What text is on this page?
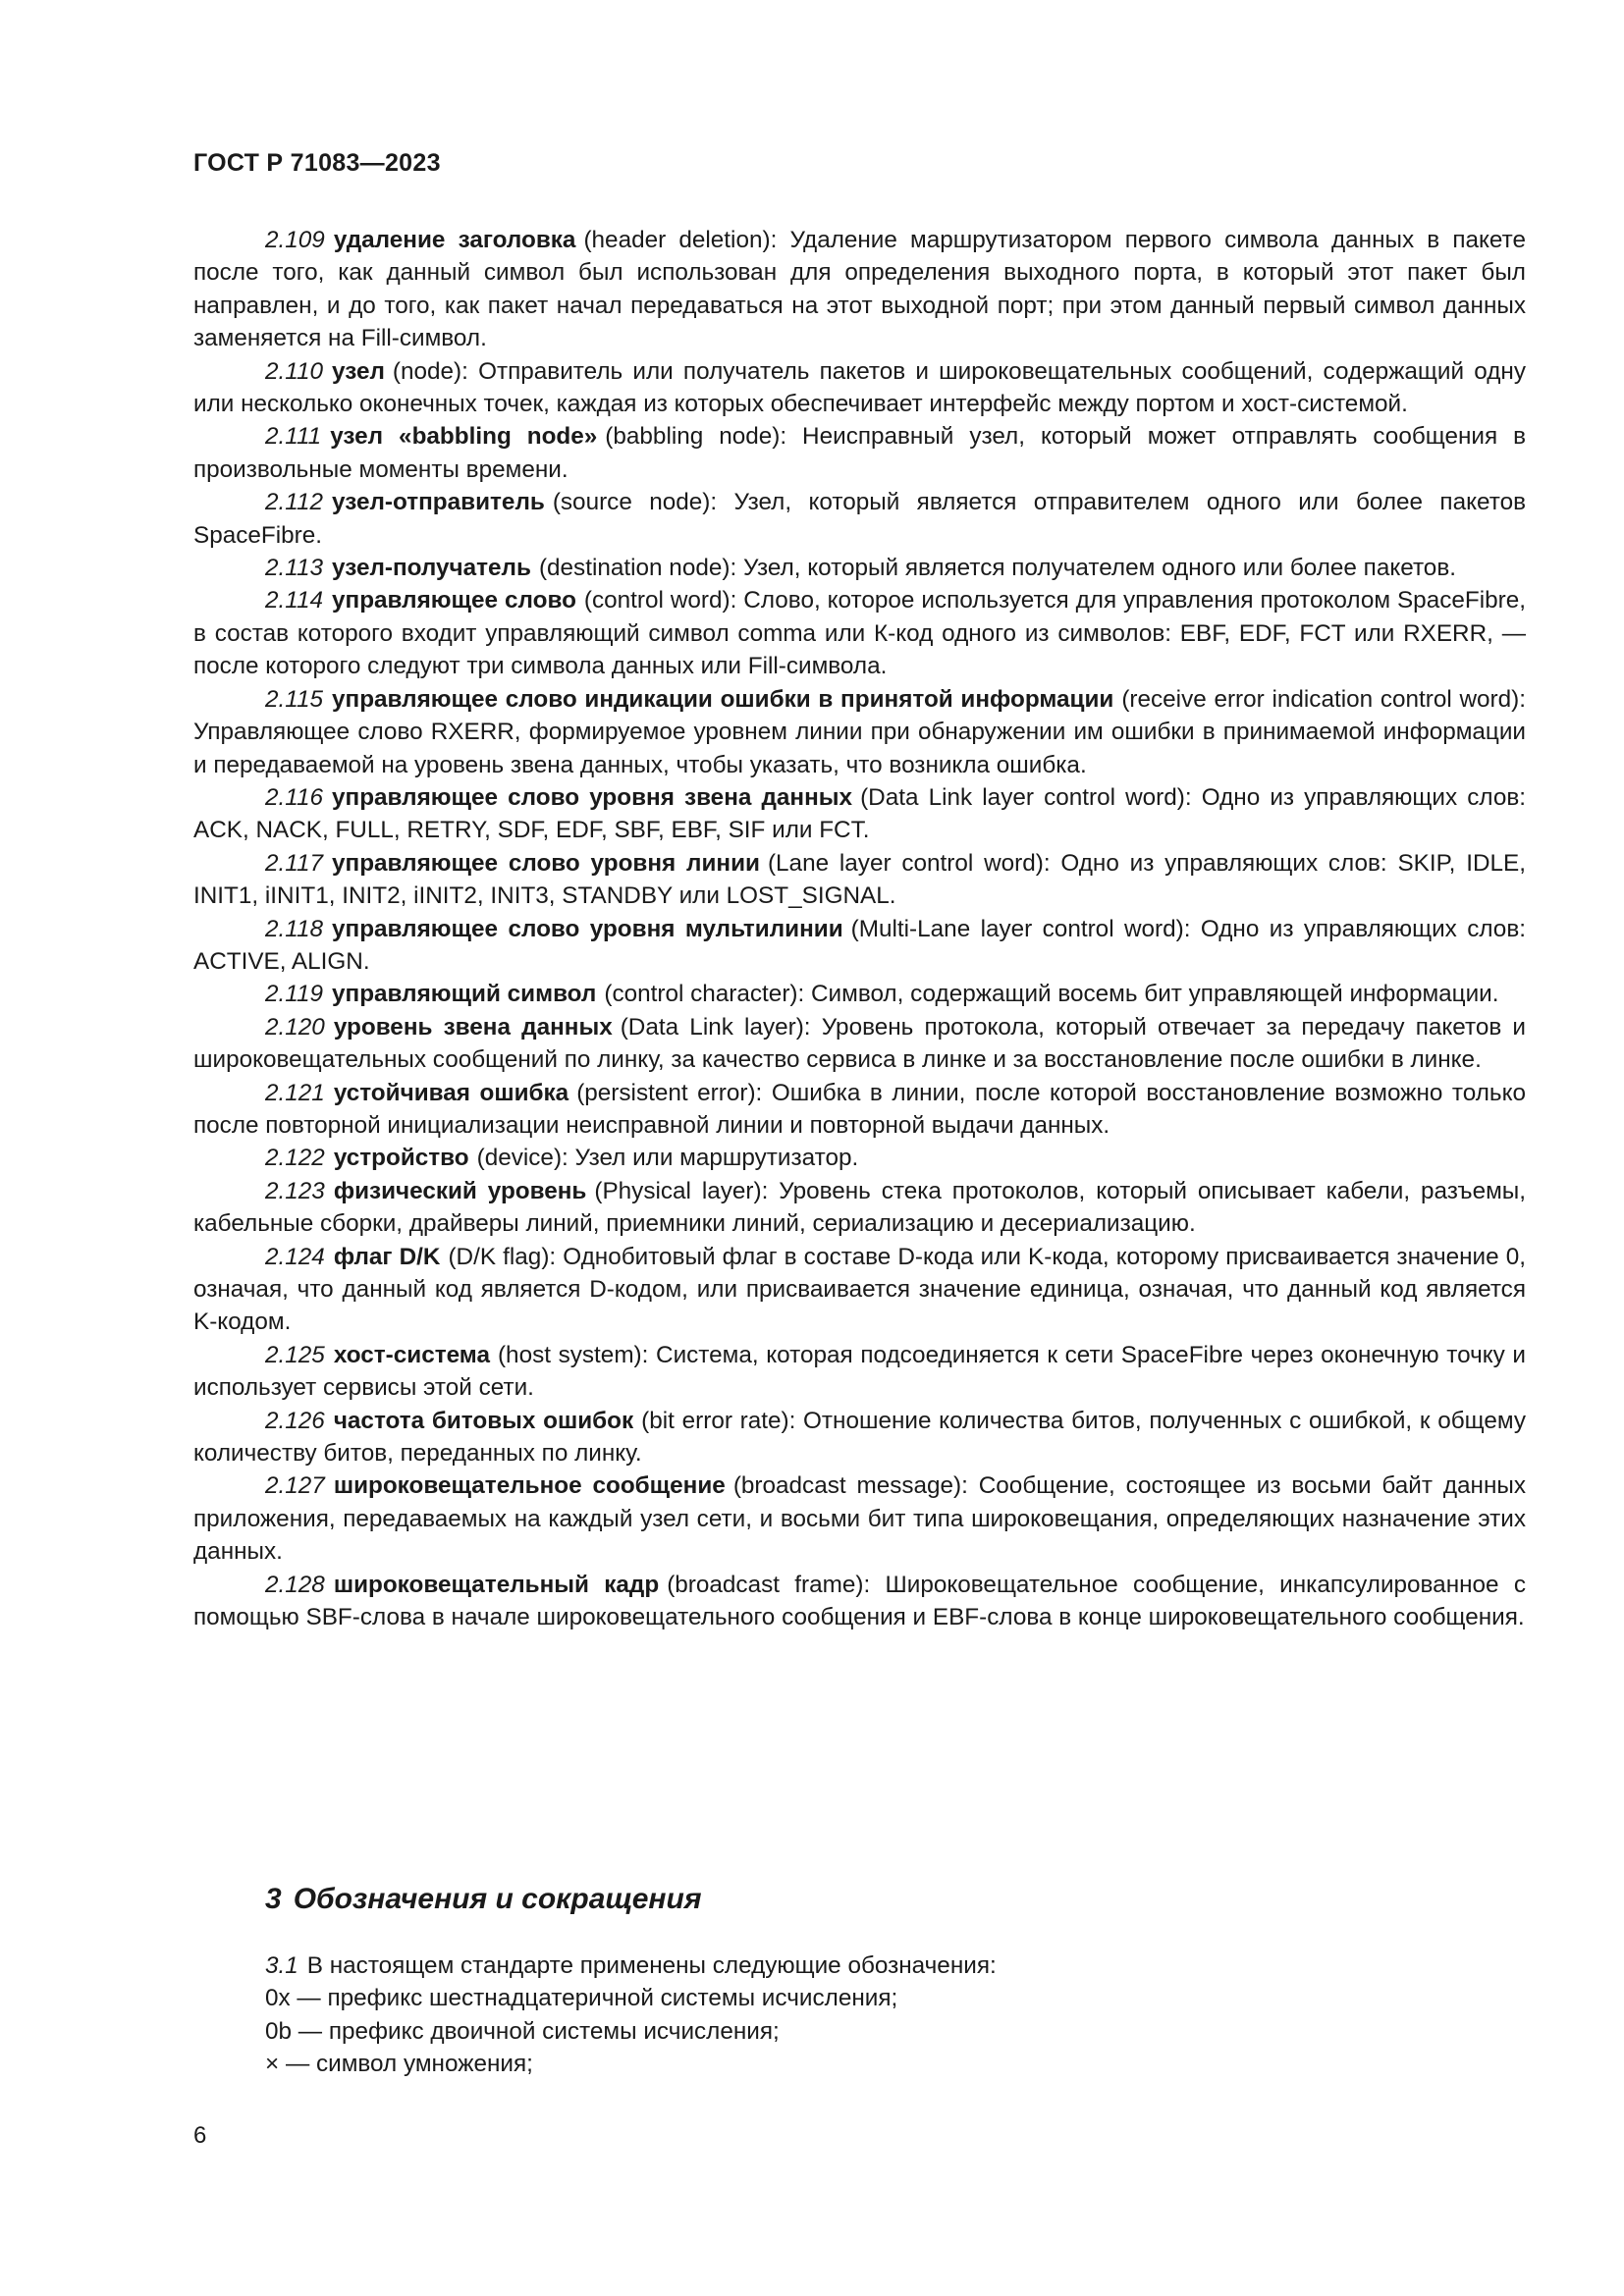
ГОСТ Р 71083—2023

2.109 удаление заголовка (header deletion): Удаление маршрутизатором первого символа данных в пакете после того, как данный символ был использован для определения выходного порта, в который этот пакет был направлен, и до того, как пакет начал передаваться на этот выходной порт; при этом данный первый символ данных заменяется на Fill-символ.

2.110 узел (node): Отправитель или получатель пакетов и широковещательных сообщений, содержащий одну или несколько оконечных точек, каждая из которых обеспечивает интерфейс между портом и хост-системой.

2.111 узел «babbling node» (babbling node): Неисправный узел, который может отправлять сообщения в произвольные моменты времени.

2.112 узел-отправитель (source node): Узел, который является отправителем одного или более пакетов SpaceFibre.

2.113 узел-получатель (destination node): Узел, который является получателем одного или более пакетов.

2.114 управляющее слово (control word): Слово, которое используется для управления протоколом SpaceFibre, в состав которого входит управляющий символ comma или К-код одного из символов: EBF, EDF, FCT или RXERR, — после которого следуют три символа данных или Fill-символа.

2.115 управляющее слово индикации ошибки в принятой информации (receive error indication control word): Управляющее слово RXERR, формируемое уровнем линии при обнаружении им ошибки в принимаемой информации и передаваемой на уровень звена данных, чтобы указать, что возникла ошибка.

2.116 управляющее слово уровня звена данных (Data Link layer control word): Одно из управляющих слов: ACK, NACK, FULL, RETRY, SDF, EDF, SBF, EBF, SIF или FCT.

2.117 управляющее слово уровня линии (Lane layer control word): Одно из управляющих слов: SKIP, IDLE, INIT1, iINIT1, INIT2, iINIT2, INIT3, STANDBY или LOST_SIGNAL.

2.118 управляющее слово уровня мультилинии (Multi-Lane layer control word): Одно из управляющих слов: ACTIVE, ALIGN.

2.119 управляющий символ (control character): Символ, содержащий восемь бит управляющей информации.

2.120 уровень звена данных (Data Link layer): Уровень протокола, который отвечает за передачу пакетов и широковещательных сообщений по линку, за качество сервиса в линке и за восстановление после ошибки в линке.

2.121 устойчивая ошибка (persistent error): Ошибка в линии, после которой восстановление возможно только после повторной инициализации неисправной линии и повторной выдачи данных.

2.122 устройство (device): Узел или маршрутизатор.

2.123 физический уровень (Physical layer): Уровень стека протоколов, который описывает кабели, разъемы, кабельные сборки, драйверы линий, приемники линий, сериализацию и десериализацию.

2.124 флаг D/K (D/K flag): Однобитовый флаг в составе D-кода или K-кода, которому присваивается значение 0, означая, что данный код является D-кодом, или присваивается значение единица, означая, что данный код является K-кодом.

2.125 хост-система (host system): Система, которая подсоединяется к сети SpaceFibre через оконечную точку и использует сервисы этой сети.

2.126 частота битовых ошибок (bit error rate): Отношение количества битов, полученных с ошибкой, к общему количеству битов, переданных по линку.

2.127 широковещательное сообщение (broadcast message): Сообщение, состоящее из восьми байт данных приложения, передаваемых на каждый узел сети, и восьми бит типа широковещания, определяющих назначение этих данных.

2.128 широковещательный кадр (broadcast frame): Широковещательное сообщение, инкапсулированное с помощью SBF-слова в начале широковещательного сообщения и EBF-слова в конце широковещательного сообщения.

3 Обозначения и сокращения

3.1 В настоящем стандарте применены следующие обозначения:

0x — префикс шестнадцатеричной системы исчисления;

0b — префикс двоичной системы исчисления;

× — символ умножения;

6
